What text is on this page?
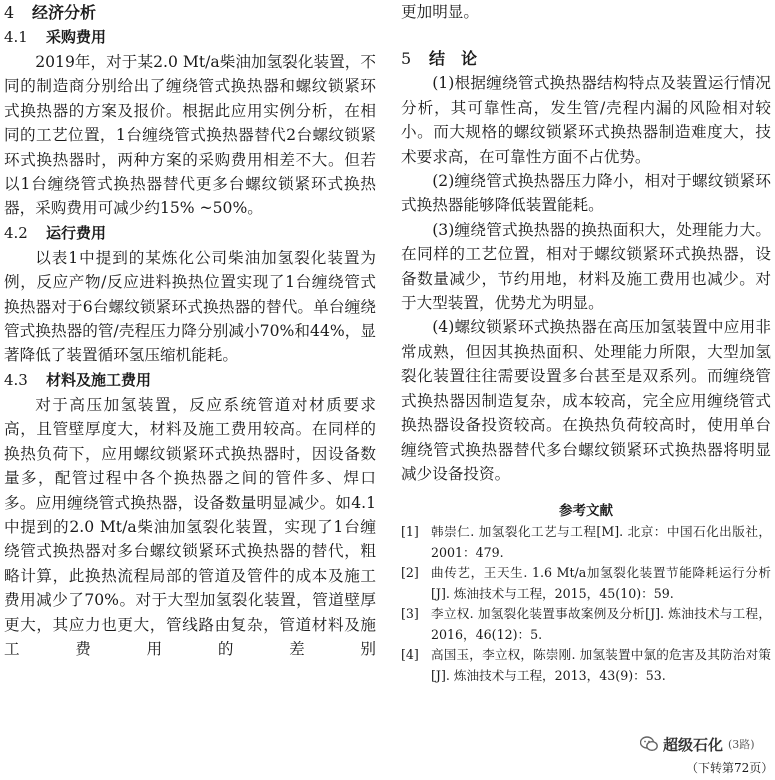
4 经济分析
4.1 采购费用

2019年，对于某2.0 Mt/a柴油加氢裂化装置，不同的制造商分别给出了缠绕管式换热器和螺纹锁紧环式换热器的方案及报价。根据此应用实例分析，在相同的工艺位置，1台缠绕管式换热器替代2台螺纹锁紧环式换热器时，两种方案的采购费用相差不大。但若以1台缠绕管式换热器替代更多台螺纹锁紧环式换热器，采购费用可减少约15% ~50%。

4.2 运行费用

以表1中提到的某炼化公司柴油加氢裂化装置为例，反应产物/反应进料换热位置实现了1台缠绕管式换热器对于6台螺纹锁紧环式换热器的替代。单台缠绕管式换热器的管/壳程压力降分别减小70%和44%，显著降低了装置循环氢压缩机能耗。

4.3 材料及施工费用

对于高压加氢装置，反应系统管道对材质要求高，且管壁厚度大，材料及施工费用较高。在同样的换热负荷下，应用螺纹锁紧环式换热器时，因设备数量多，配管过程中各个换热器之间的管件多、焊口多。应用缠绕管式换热器，设备数量明显减少。如4.1中提到的2.0 Mt/a柴油加氢裂化装置，实现了1台缠绕管式换热器对多台螺纹锁紧环式换热器的替代，粗略计算，此换热流程局部的管道及管件的成本及施工费用减少了70%。对于大型加氢裂化装置，管道壁厚更大，其应力也更大，管线路由复杂，管道材料及施工费用的差别

更加明显。

5 结　论

(1)根据缠绕管式换热器结构特点及装置运行情况分析，其可靠性高，发生管/壳程内漏的风险相对较小。而大规格的螺纹锁紧环式换热器制造难度大，技术要求高，在可靠性方面不占优势。

(2)缠绕管式换热器压力降小，相对于螺纹锁紧环式换热器能够降低装置能耗。

(3)缠绕管式换热器的换热面积大，处理能力大。在同样的工艺位置，相对于螺纹锁紧环式换热器，设备数量减少，节约用地，材料及施工费用也减少。对于大型装置，优势尤为明显。

(4)螺纹锁紧环式换热器在高压加氢装置中应用非常成熟，但因其换热面积、处理能力所限，大型加氢裂化装置往往需要设置多台甚至是双系列。而缠绕管式换热器因制造复杂，成本较高，完全应用缠绕管式换热器设备投资较高。在换热负荷较高时，使用单台缠绕管式换热器替代多台螺纹锁紧环式换热器将明显减少设备投资。

参考文献
[1] 韩崇仁. 加氢裂化工艺与工程[M]. 北京：中国石化出版社，2001：479.
[2] 曲传艺，王天生. 1.6 Mt/a加氢裂化装置节能降耗运行分析[J]. 炼油技术与工程，2015，45(10)：59.
[3] 李立权. 加氢裂化装置事故案例及分析[J]. 炼油技术与工程，2016，46(12)：5.
[4] 高国玉，李立权，陈崇刚. 加氢装置中氯的危害及其防治对策[J]. 炼油技术与工程，2013，43(9)：53.
超级石化 (3路)
（下转第72页）
